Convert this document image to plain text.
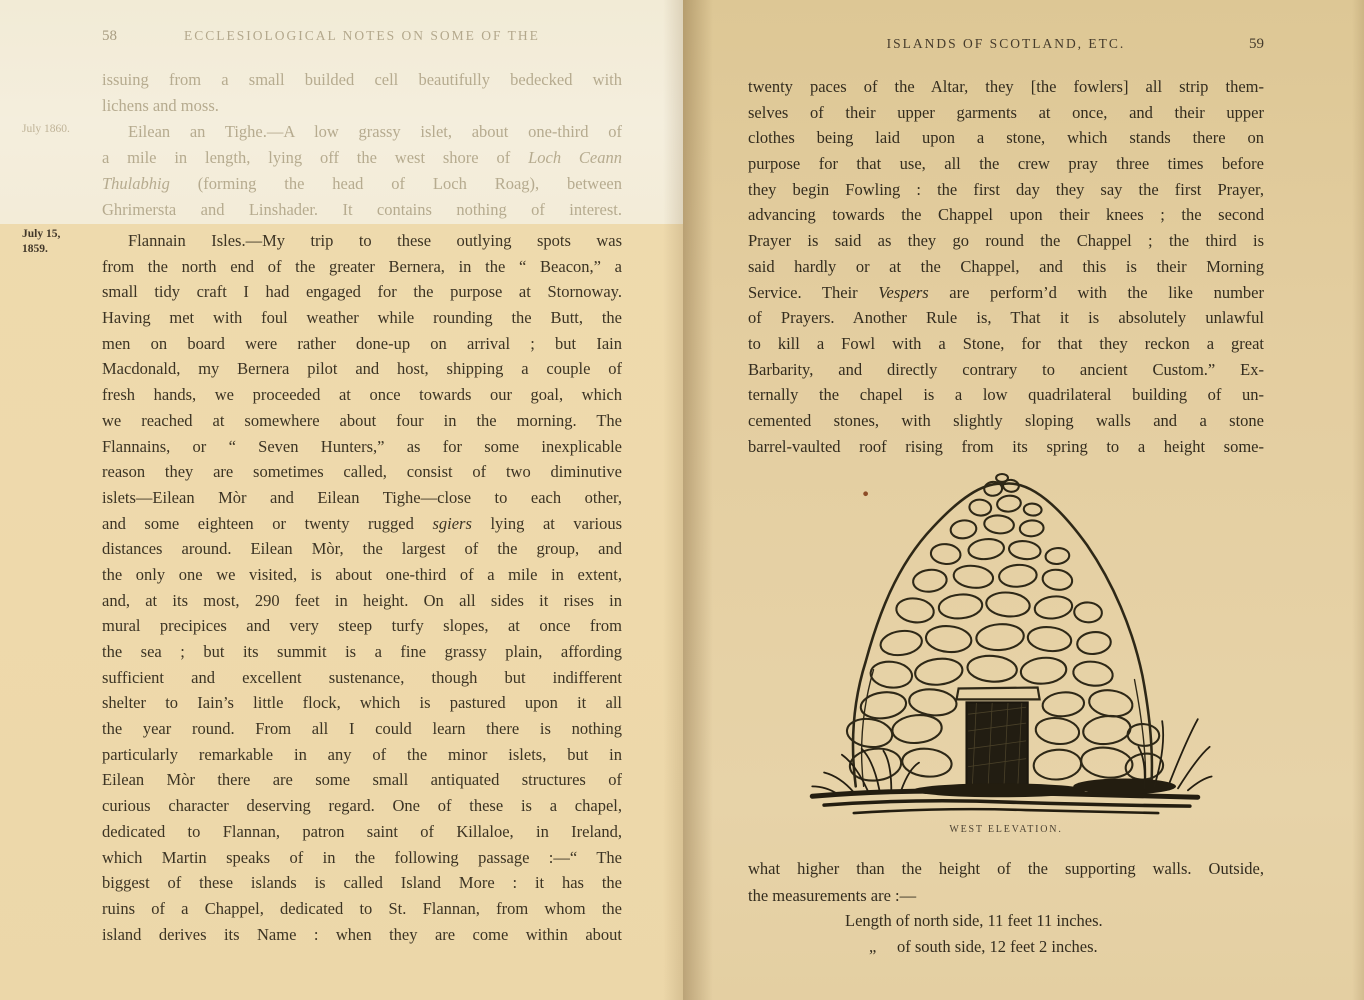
58	ECCLESIOLOGICAL NOTES ON SOME OF THE
July 1860.
issuing from a small builded cell beautifully bedecked with
lichens and moss.
Eilean an Tighe.—A low grassy islet, about one-third of
a mile in length, lying off the west shore of Loch Ceann
Thulabhig (forming the head of Loch Roag), between
Ghrimersta and Linshader. It contains nothing of interest.
July 15,
1859.	Flannain Isles.—My trip to these outlying spots was
from the north end of the greater Bernera, in the “ Beacon,” a
small tidy craft I had engaged for the purpose at Stornoway.
Having met with foul weather while rounding the Butt, the
men on board were rather done-up on arrival ; but Iain
Macdonald, my Bernera pilot and host, shipping a couple of
fresh hands, we proceeded at once towards our goal, which
we reached at somewhere about four in the morning. The
Flannains, or “ Seven Hunters,” as for some inexplicable
reason they are sometimes called, consist of two diminutive
islets—Eilean Mòr and Eilean Tighe—close to each other,
and some eighteen or twenty rugged sgiers lying at various
distances around. Eilean Mòr, the largest of the group, and
the only one we visited, is about one-third of a mile in extent,
and, at its most, 290 feet in height. On all sides it rises in
mural precipices and very steep turfy slopes, at once from
the sea ; but its summit is a fine grassy plain, affording
sufficient and excellent sustenance, though but indifferent
shelter to Iain’s little flock, which is pastured upon it all
the year round. From all I could learn there is nothing
particularly remarkable in any of the minor islets, but in
Eilean Mòr there are some small antiquated structures of
curious character deserving regard. One of these is a chapel,
dedicated to Flannan, patron saint of Killaloe, in Ireland,
which Martin speaks of in the following passage :—“ The
biggest of these islands is called Island More : it has the
ruins of a Chappel, dedicated to St. Flannan, from whom the
island derives its Name : when they are come within about
ISLANDS OF SCOTLAND, ETC.	59
twenty paces of the Altar, they [the fowlers] all strip them-
selves of their upper garments at once, and their upper
clothes being laid upon a stone, which stands there on
purpose for that use, all the crew pray three times before
they begin Fowling : the first day they say the first Prayer,
advancing towards the Chappel upon their knees ; the second
Prayer is said as they go round the Chappel ; the third is
said hardly or at the Chappel, and this is their Morning
Service. Their Vespers are perform’d with the like number
of Prayers. Another Rule is, That it is absolutely unlawful
to kill a Fowl with a Stone, for that they reckon a great
Barbarity, and directly contrary to ancient Custom.” Ex-
ternally the chapel is a low quadrilateral building of un-
cemented stones, with slightly sloping walls and a stone
barrel-vaulted roof rising from its spring to a height some-
WEST ELEVATION.
what higher than the height of the supporting walls. Outside,
the measurements are :—
Length of north side, 11 feet 11 inches.
„     of south side, 12 feet 2 inches.
